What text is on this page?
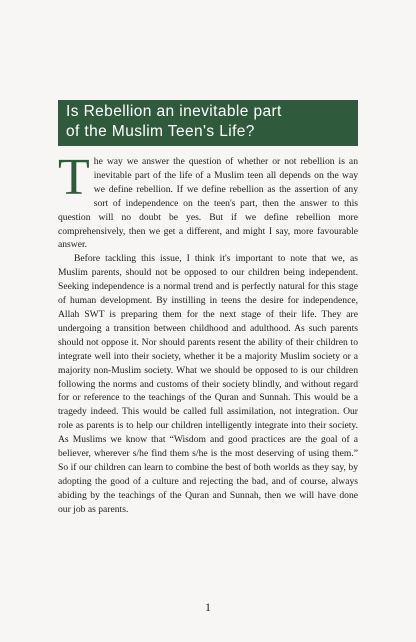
Is Rebellion an inevitable part
of the Muslim Teen's Life?

The way we answer the question of whether or not rebellion is an inevitable part of the life of a Muslim teen all depends on the way we define rebellion. If we define rebellion as the assertion of any sort of independence on the teen's part, then the answer to this question will no doubt be yes. But if we define rebellion more comprehensively, then we get a different, and might I say, more favourable answer.

Before tackling this issue, I think it's important to note that we, as Muslim parents, should not be opposed to our children being independent. Seeking independence is a normal trend and is perfectly natural for this stage of human development. By instilling in teens the desire for independence, Allah SWT is preparing them for the next stage of their life. They are undergoing a transition between childhood and adulthood. As such parents should not oppose it. Nor should parents resent the ability of their children to integrate well into their society, whether it be a majority Muslim society or a majority non-Muslim society. What we should be opposed to is our children following the norms and customs of their society blindly, and without regard for or reference to the teachings of the Quran and Sunnah. This would be a tragedy indeed. This would be called full assimilation, not integration. Our role as parents is to help our children intelligently integrate into their society. As Muslims we know that “Wisdom and good practices are the goal of a believer, wherever s/he find them s/he is the most deserving of using them.” So if our children can learn to combine the best of both worlds as they say, by adopting the good of a culture and rejecting the bad, and of course, always abiding by the teachings of the Quran and Sunnah, then we will have done our job as parents.

1
